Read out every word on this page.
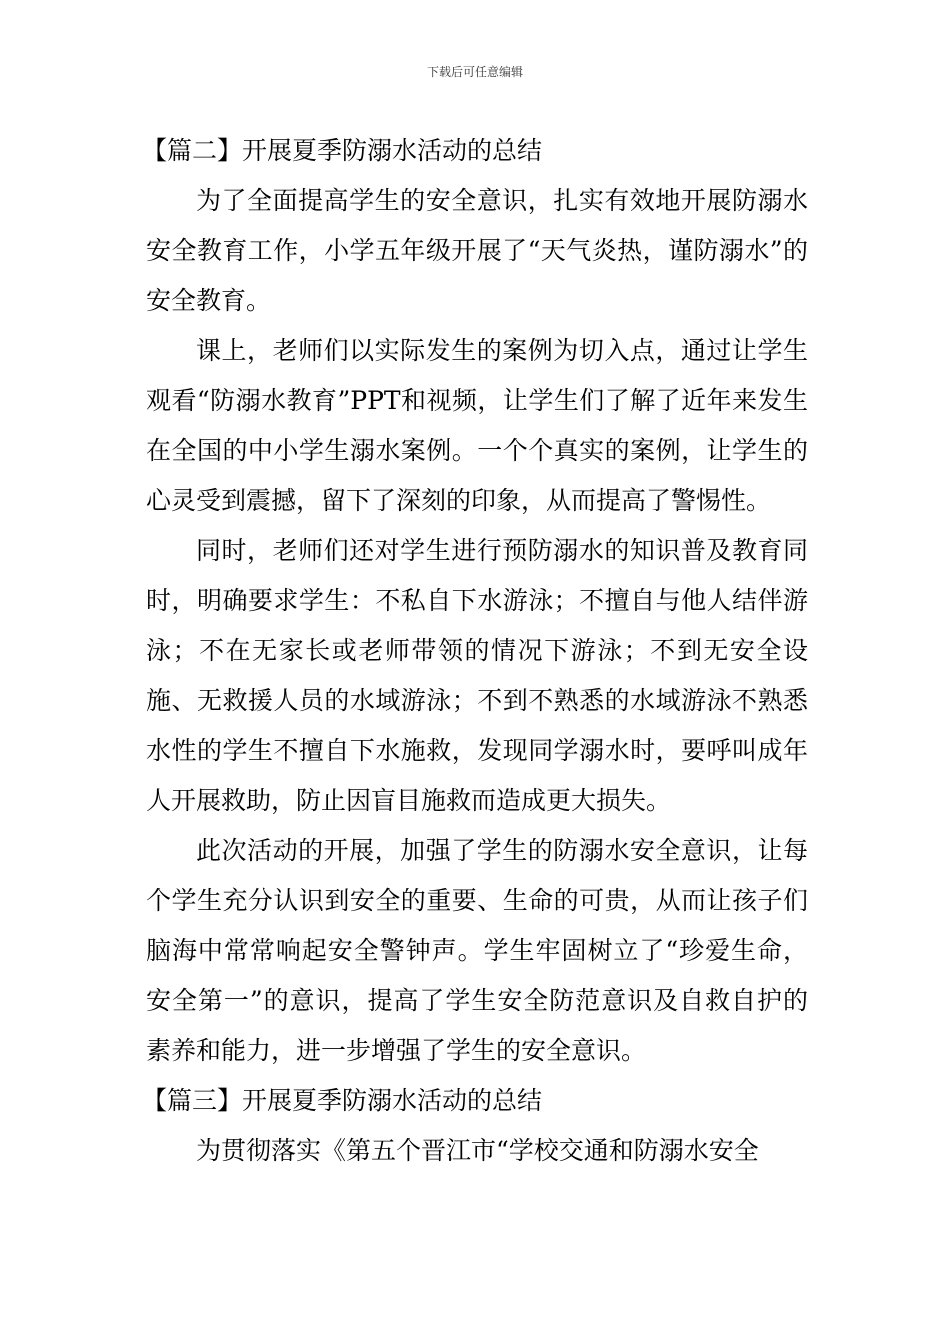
下载后可任意编辑
【篇二】开展夏季防溺水活动的总结

为了全面提高学生的安全意识，扎实有效地开展防溺水安全教育工作，小学五年级开展了“天气炎热，谨防溺水”的安全教育。

课上，老师们以实际发生的案例为切入点，通过让学生观看“防溺水教育”PPT和视频，让学生们了解了近年来发生在全国的中小学生溺水案例。一个个真实的案例，让学生的心灵受到震撼，留下了深刻的印象，从而提高了警惕性。

同时，老师们还对学生进行预防溺水的知识普及教育同时，明确要求学生：不私自下水游泳；不擅自与他人结伴游泳；不在无家长或老师带领的情况下游泳；不到无安全设施、无救援人员的水域游泳；不到不熟悉的水域游泳不熟悉水性的学生不擅自下水施救，发现同学溺水时，要呼叫成年人开展救助，防止因盲目施救而造成更大损失。

此次活动的开展，加强了学生的防溺水安全意识，让每个学生充分认识到安全的重要、生命的可贵，从而让孩子们脑海中常常响起安全警钟声。学生牢固树立了“珍爱生命，安全第一”的意识，提高了学生安全防范意识及自救自护的素养和能力，进一步增强了学生的安全意识。

【篇三】开展夏季防溺水活动的总结

为贯彻落实《第五个晋江市“学校交通和防溺水安全
